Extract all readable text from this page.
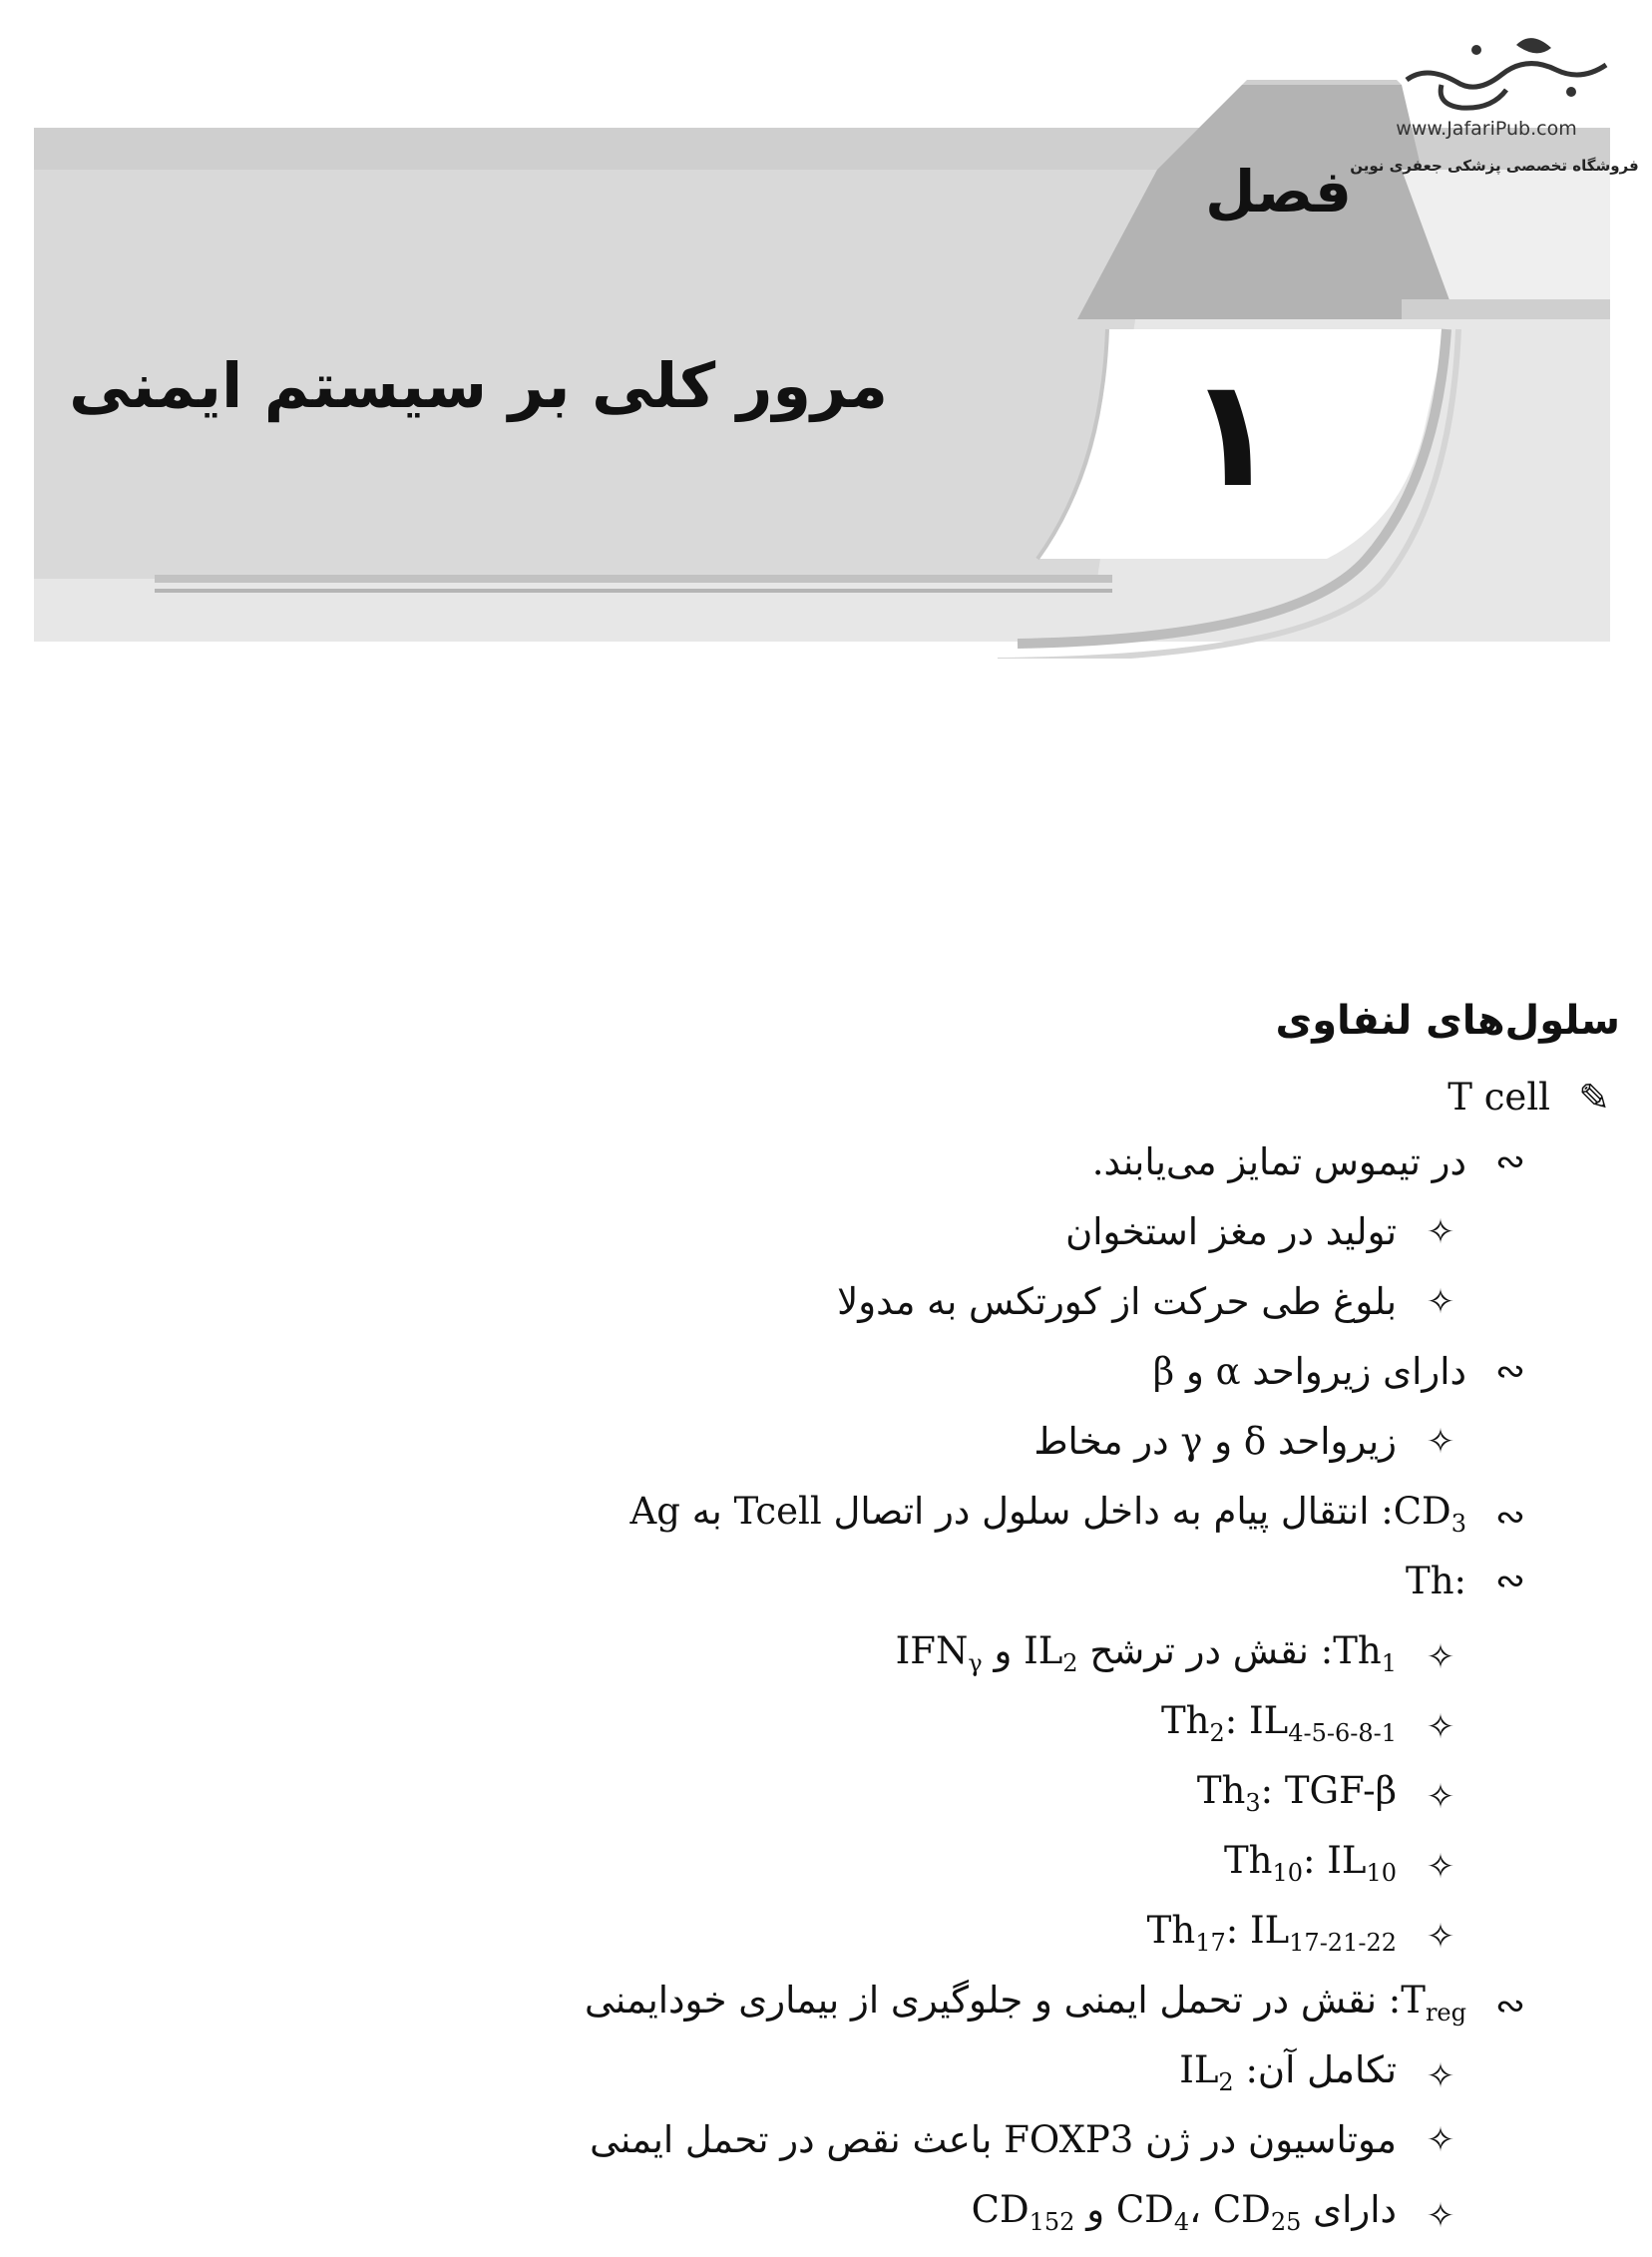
www.JafariPub.com
فروشگاه تخصصی پزشکی جعفری نوین
فصل
۱
مرور کلی بر سیستم ایمنی
سلول‌های لنفاوی
✎
T cell
∾
در تیموس تمایز می‌یابند.
✧
تولید در مغز استخوان
✧
بلوغ طی حرکت از کورتکس به مدولا
∾
دارای زیرواحد α و β
✧
زیرواحد δ و γ در مخاط
∾
$CD_3$: انتقال پیام به داخل سلول در اتصال Tcell به Ag
∾
:Th
✧
$Th_1$: نقش در ترشح $IL_2$ و $IFN_\gamma$
✧
$Th_2$: $IL_{4-5-6-8-1}$
✧
$Th_3$: TGF-β
✧
$Th_{10}$: $IL_{10}$
✧
$Th_{17}$: $IL_{17-21-22}$
∾
$T_{reg}$: نقش در تحمل ایمنی و جلوگیری از بیماری خودایمنی
✧
تکامل آن: $IL_2$
✧
موتاسیون در ژن FOXP3 باعث نقص در تحمل ایمنی
✧
دارای $CD_4،$ $CD_{25}$ و $CD_{152}$
